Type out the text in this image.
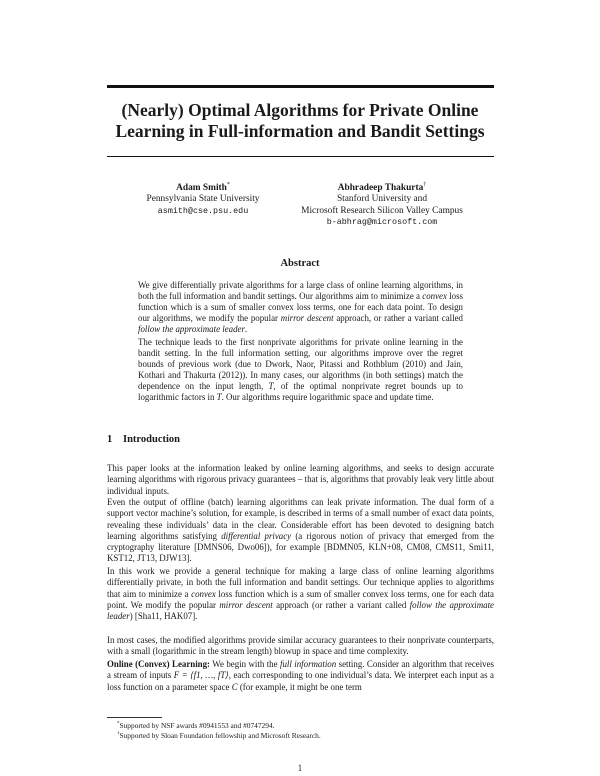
(Nearly) Optimal Algorithms for Private Online
Learning in Full-information and Bandit Settings
Adam Smith*
Pennsylvania State University
asmith@cse.psu.edu
Abhradeep Thakurta†
Stanford University and
Microsoft Research Silicon Valley Campus
b-abhrag@microsoft.com
Abstract

We give differentially private algorithms for a large class of online learning algorithms, in both the full information and bandit settings. Our algorithms aim to minimize a convex loss function which is a sum of smaller convex loss terms, one for each data point. To design our algorithms, we modify the popular mirror descent approach, or rather a variant called follow the approximate leader.

The technique leads to the first nonprivate algorithms for private online learning in the bandit setting. In the full information setting, our algorithms improve over the regret bounds of previous work (due to Dwork, Naor, Pitassi and Rothblum (2010) and Jain, Kothari and Thakurta (2012)). In many cases, our algorithms (in both settings) match the dependence on the input length, T, of the optimal nonprivate regret bounds up to logarithmic factors in T. Our algorithms require logarithmic space and update time.

1 Introduction

This paper looks at the information leaked by online learning algorithms, and seeks to design accurate learning algorithms with rigorous privacy guarantees – that is, algorithms that provably leak very little about individual inputs.

Even the output of offline (batch) learning algorithms can leak private information. The dual form of a support vector machine’s solution, for example, is described in terms of a small number of exact data points, revealing these individuals’ data in the clear. Considerable effort has been devoted to designing batch learning algorithms satisfying differential privacy (a rigorous notion of privacy that emerged from the cryptography literature [DMNS06, Dwo06]), for example [BDMN05, KLN+08, CM08, CMS11, Smi11, KST12, JT13, DJW13].

In this work we provide a general technique for making a large class of online learning algorithms differentially private, in both the full information and bandit settings. Our technique applies to algorithms that aim to minimize a convex loss function which is a sum of smaller convex loss terms, one for each data point. We modify the popular mirror descent approach (or rather a variant called follow the approximate leader) [Sha11, HAK07].

In most cases, the modified algorithms provide similar accuracy guarantees to their nonprivate counterparts, with a small (logarithmic in the stream length) blowup in space and time complexity.

Online (Convex) Learning: We begin with the full information setting. Consider an algorithm that receives a stream of inputs F = ⟨f1, …, fT⟩, each corresponding to one individual’s data. We interpret each input as a loss function on a parameter space C (for example, it might be one term

*Supported by NSF awards #0941553 and #0747294.
†Supported by Sloan Foundation fellowship and Microsoft Research.
1
